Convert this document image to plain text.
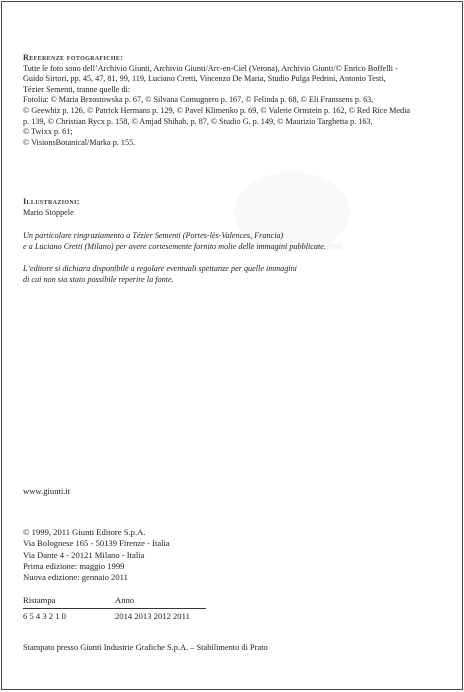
Referenze fotografiche:
Tutte le foto sono dell’Archivio Giunti, Archivio Giunti/Arc-en-Ciel (Verona), Archivio Giunti/© Enrico Boffelli -
Guido Sirtori, pp. 45, 47, 81, 99, 119, Luciano Cretti, Vincenzo De Maria, Studio Pulga Pedrini, Antonio Testi,
Tézier Sementi, tranne quelle di:
Fotolia: © Maria Brzostowska p. 67, © Silvana Comugnero p. 167, © Felinda p. 68, © Eli Franssens p. 63,
© Geewhiz p. 126, © Patrick Hermans p. 129, © Pavel Klimenko p. 69, © Valerie Ornstein p. 162, © Red Rice Media
p. 139, © Christian Rycx p. 158, © Amjad Shihab, p. 87, © Studio G. p. 149, © Maurizio Targhetta p. 163,
© Twixx p. 61;
© VisionsBotanical/Marka p. 155.
Illustrazioni:
Mario Stoppele
Un particolare ringraziamento a Tézier Sementi (Portes-lès-Valences, Francia)
e a Luciano Cretti (Milano) per avere cortesemente fornito molte delle immagini pubblicate.
L’editore si dichiara disponibile a regolare eventuali spettanze per quelle immagini
di cui non sia stato possibile reperire la fonte.
www.giunti.it
© 1999, 2011 Giunti Editore S.p.A.
Via Bolognese 165 - 50139 Firenze - Italia
Via Dante 4 - 20121 Milano - Italia
Prima edizione: maggio 1999
Nuova edizione: gennaio 2011
Ristampa	Anno
6 5 4 3 2 1 0	2014 2013 2012 2011
Stampato presso Giunti Industrie Grafiche S.p.A. – Stabilimento di Prato
